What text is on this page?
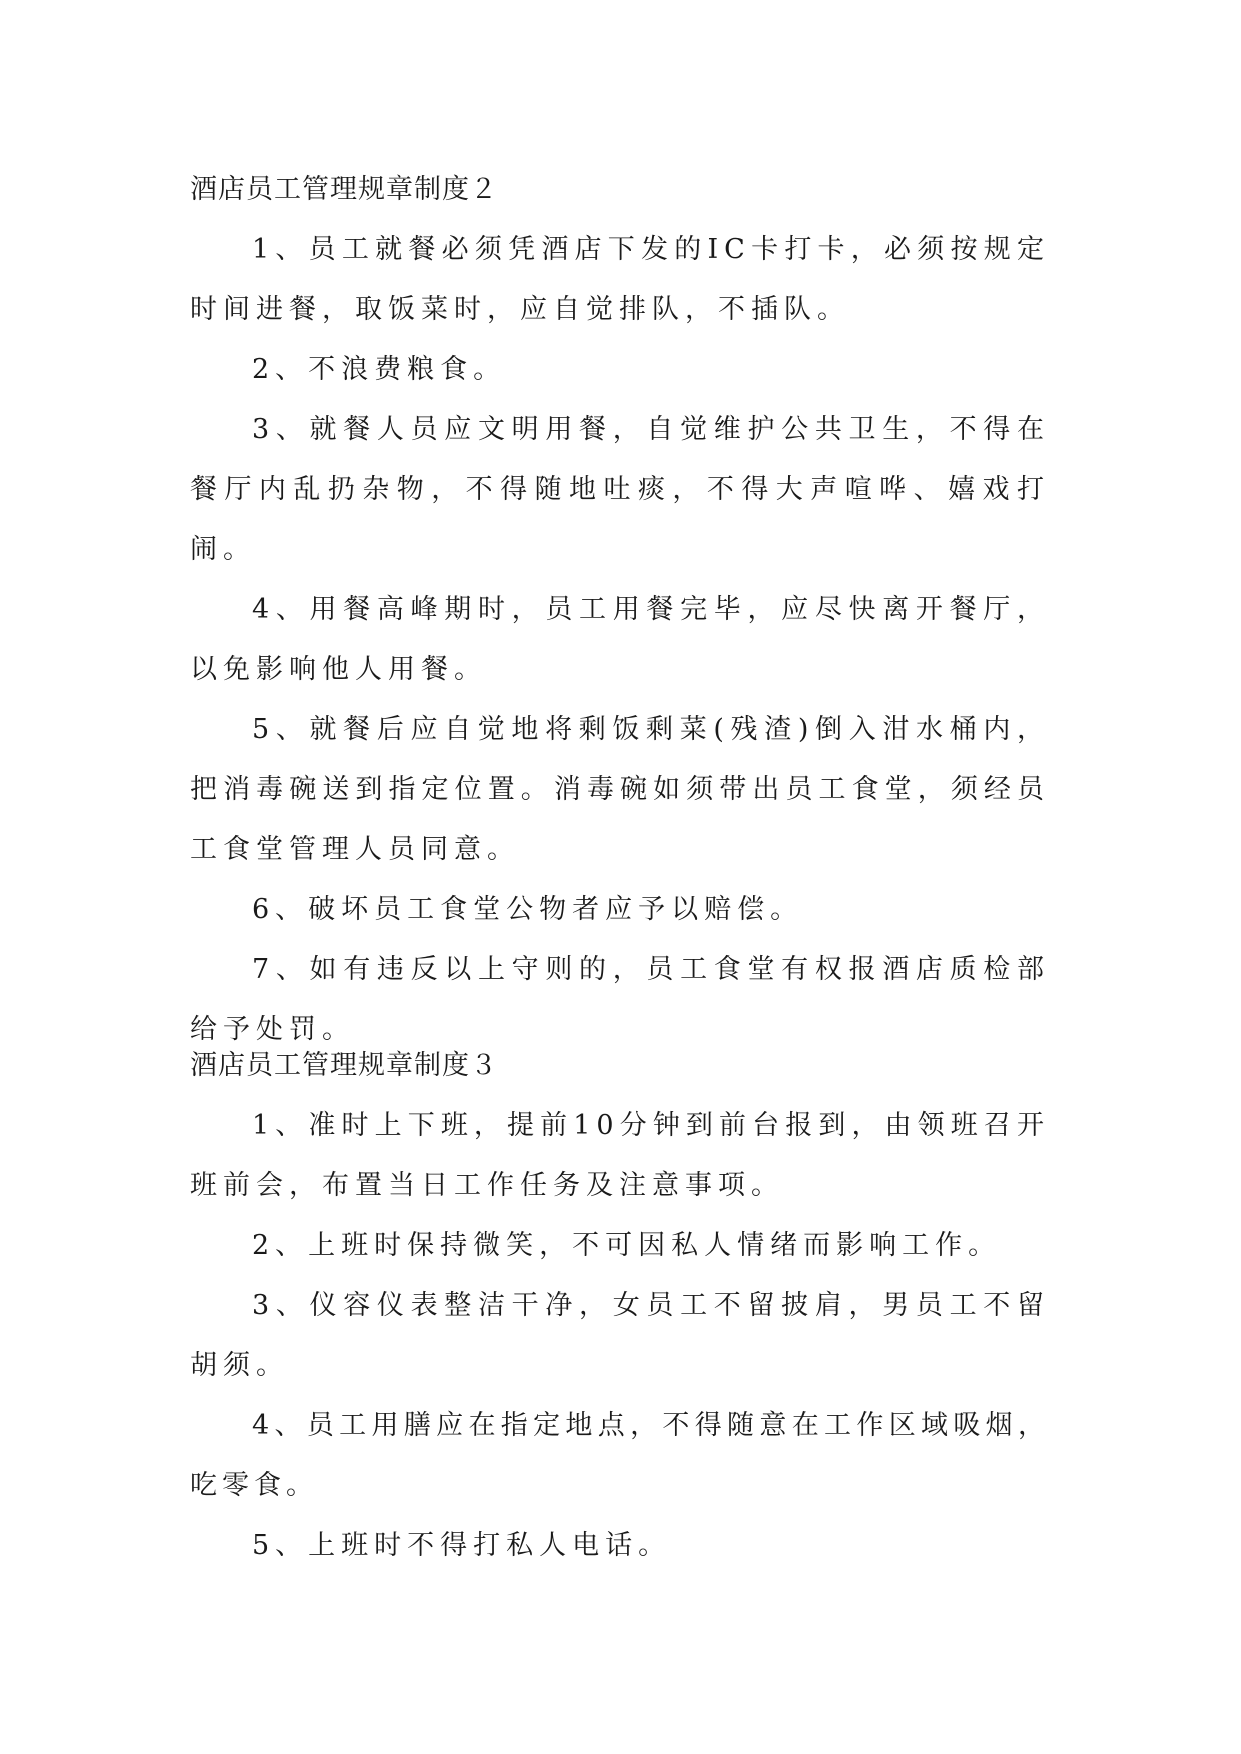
酒店员工管理规章制度２

1、员工就餐必须凭酒店下发的IC卡打卡，必须按规定时间进餐，取饭菜时，应自觉排队，不插队。

2、不浪费粮食。

3、就餐人员应文明用餐，自觉维护公共卫生，不得在餐厅内乱扔杂物，不得随地吐痰，不得大声喧哗、嬉戏打闹。

4、用餐高峰期时，员工用餐完毕，应尽快离开餐厅，以免影响他人用餐。

5、就餐后应自觉地将剩饭剩菜(残渣)倒入泔水桶内，把消毒碗送到指定位置。消毒碗如须带出员工食堂，须经员工食堂管理人员同意。

6、破坏员工食堂公物者应予以赔偿。

7、如有违反以上守则的，员工食堂有权报酒店质检部给予处罚。

酒店员工管理规章制度３

1、准时上下班，提前10分钟到前台报到，由领班召开班前会，布置当日工作任务及注意事项。

2、上班时保持微笑，不可因私人情绪而影响工作。

3、仪容仪表整洁干净，女员工不留披肩，男员工不留胡须。

4、员工用膳应在指定地点，不得随意在工作区域吸烟，吃零食。

5、上班时不得打私人电话。
